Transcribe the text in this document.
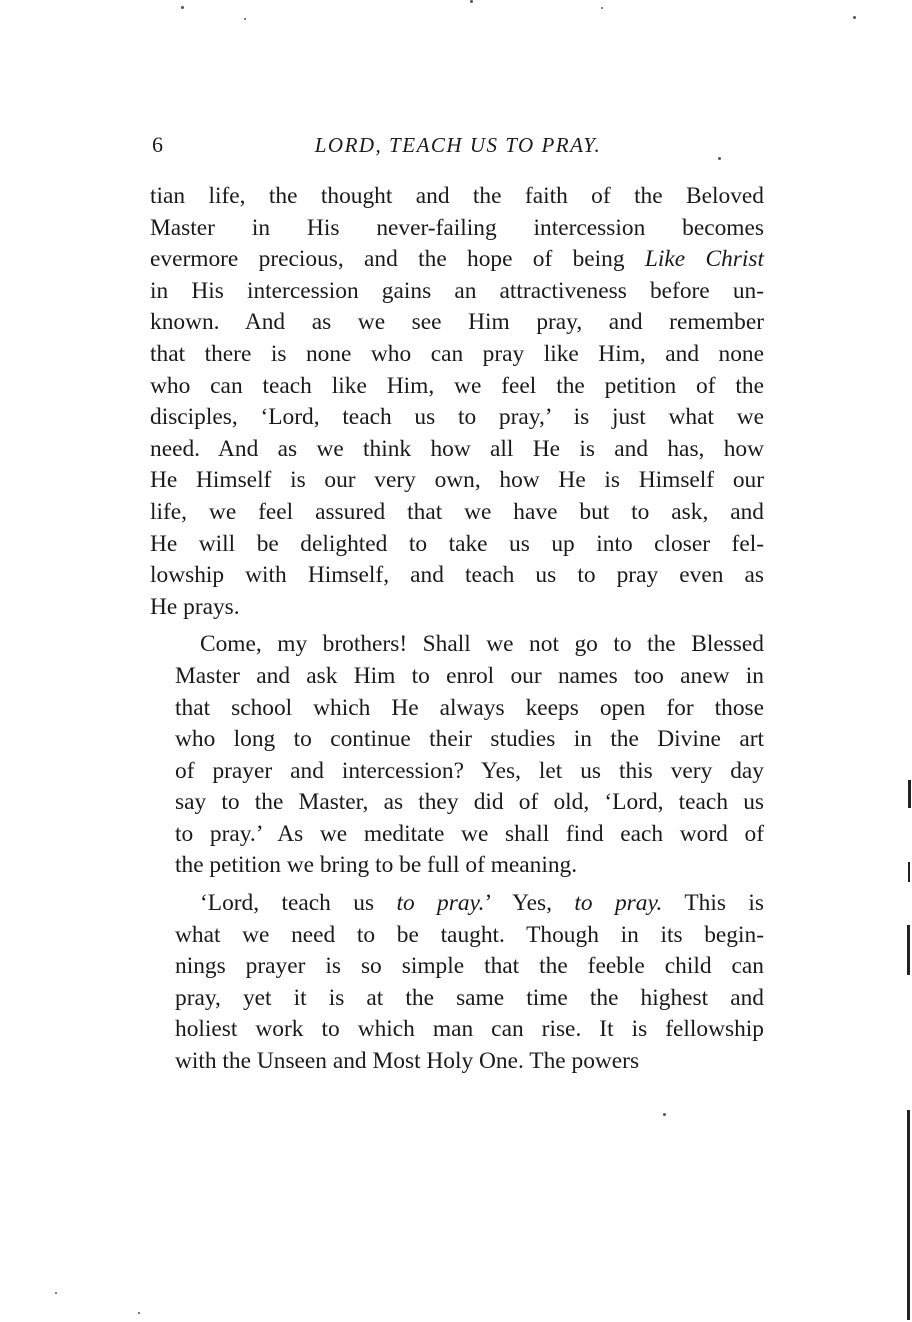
6	LORD, TEACH US TO PRAY.

tian life, the thought and the faith of the Beloved
Master in His never-failing intercession becomes
evermore precious, and the hope of being Like Christ
in His intercession gains an attractiveness before un-
known. And as we see Him pray, and remember
that there is none who can pray like Him, and none
who can teach like Him, we feel the petition of the
disciples, ‘Lord, teach us to pray,’ is just what we
need. And as we think how all He is and has, how
He Himself is our very own, how He is Himself our
life, we feel assured that we have but to ask, and
He will be delighted to take us up into closer fel-
lowship with Himself, and teach us to pray even as
He prays.

Come, my brothers! Shall we not go to the Blessed
Master and ask Him to enrol our names too anew in
that school which He always keeps open for those
who long to continue their studies in the Divine art
of prayer and intercession? Yes, let us this very day
say to the Master, as they did of old, ‘Lord, teach us
to pray.’ As we meditate we shall find each word of
the petition we bring to be full of meaning.

‘Lord, teach us to pray.’ Yes, to pray. This is
what we need to be taught. Though in its begin-
nings prayer is so simple that the feeble child can
pray, yet it is at the same time the highest and
holiest work to which man can rise. It is fellowship
with the Unseen and Most Holy One. The powers
